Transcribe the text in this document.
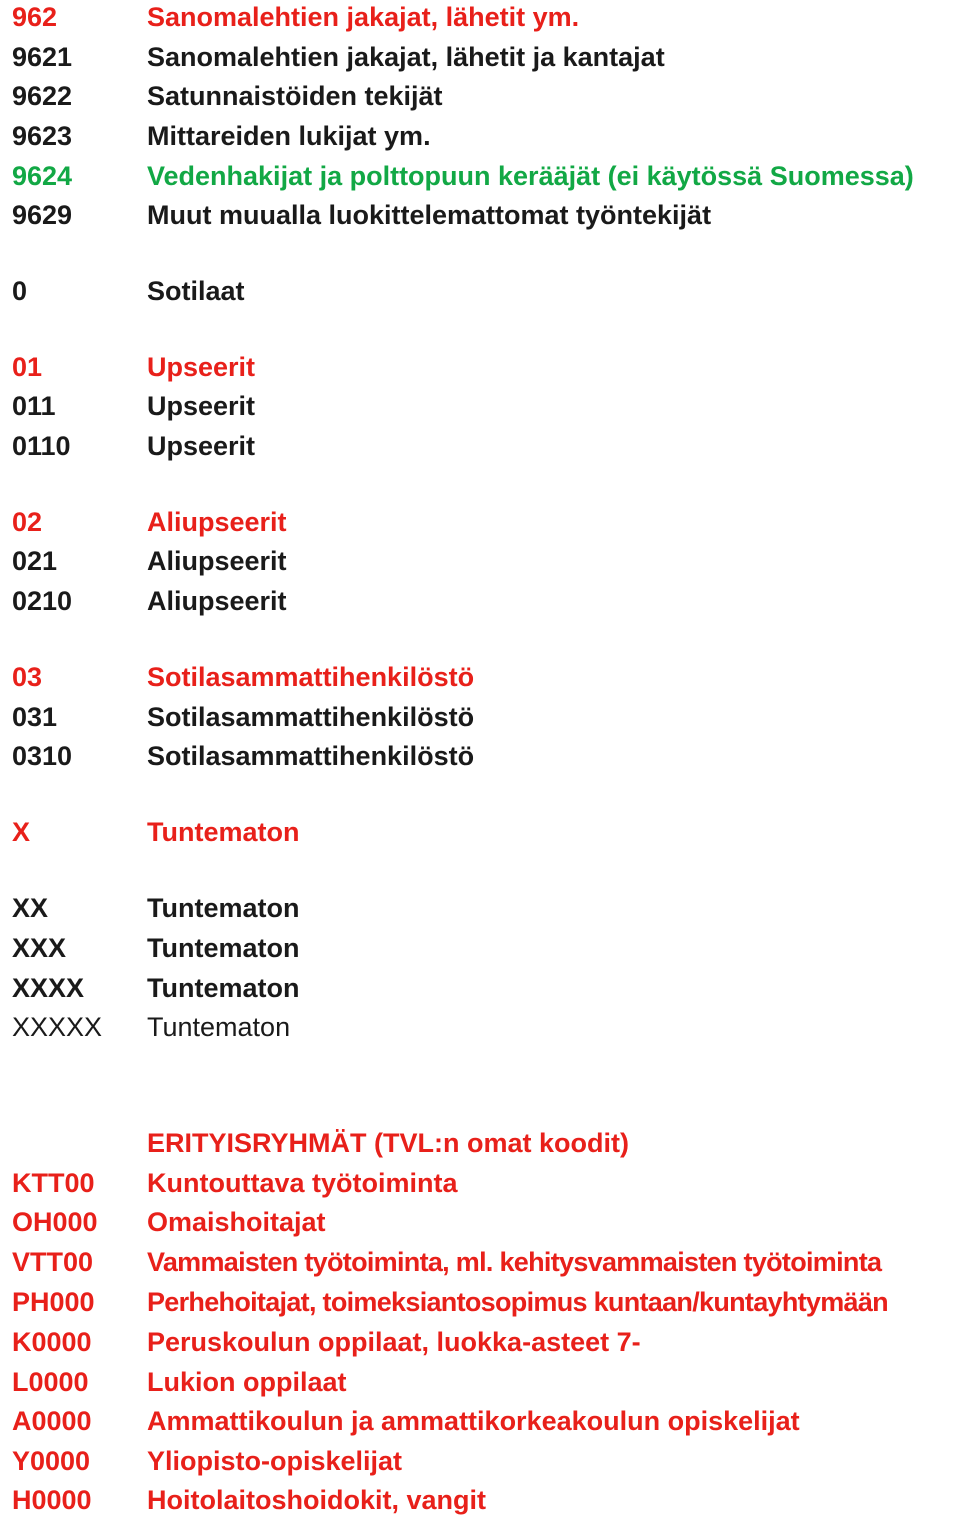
962	Sanomalehtien jakajat, lähetit ym.
9621	Sanomalehtien jakajat, lähetit ja kantajat
9622	Satunnaistöiden tekijät
9623	Mittareiden lukijat ym.
9624	Vedenhakijat ja polttopuun kerääjät (ei käytössä Suomessa)
9629	Muut muualla luokittelemattomat työntekijät
0	Sotilaat
01	Upseerit
011	Upseerit
0110	Upseerit
02	Aliupseerit
021	Aliupseerit
0210	Aliupseerit
03	Sotilasammattihenkilöstö
031	Sotilasammattihenkilöstö
0310	Sotilasammattihenkilöstö
X	Tuntematon
XX	Tuntematon
XXX	Tuntematon
XXXX Tuntematon
XXXXX Tuntematon
ERITYISRYHMÄT (TVL:n omat koodit)
KTT00 Kuntouttava työtoiminta
OH000 Omaishoitajat
VTT00 Vammaisten työtoiminta, ml. kehitysvammaisten työtoiminta
PH000 Perhehoitajat, toimeksiantosopimus kuntaan/kuntayhtymään
K0000 Peruskoulun oppilaat, luokka-asteet 7-
L0000 Lukion oppilaat
A0000 Ammattikoulun ja ammattikorkeakoulun opiskelijat
Y0000 Yliopisto-opiskelijat
H0000 Hoitolaitoshoidokit, vangit
